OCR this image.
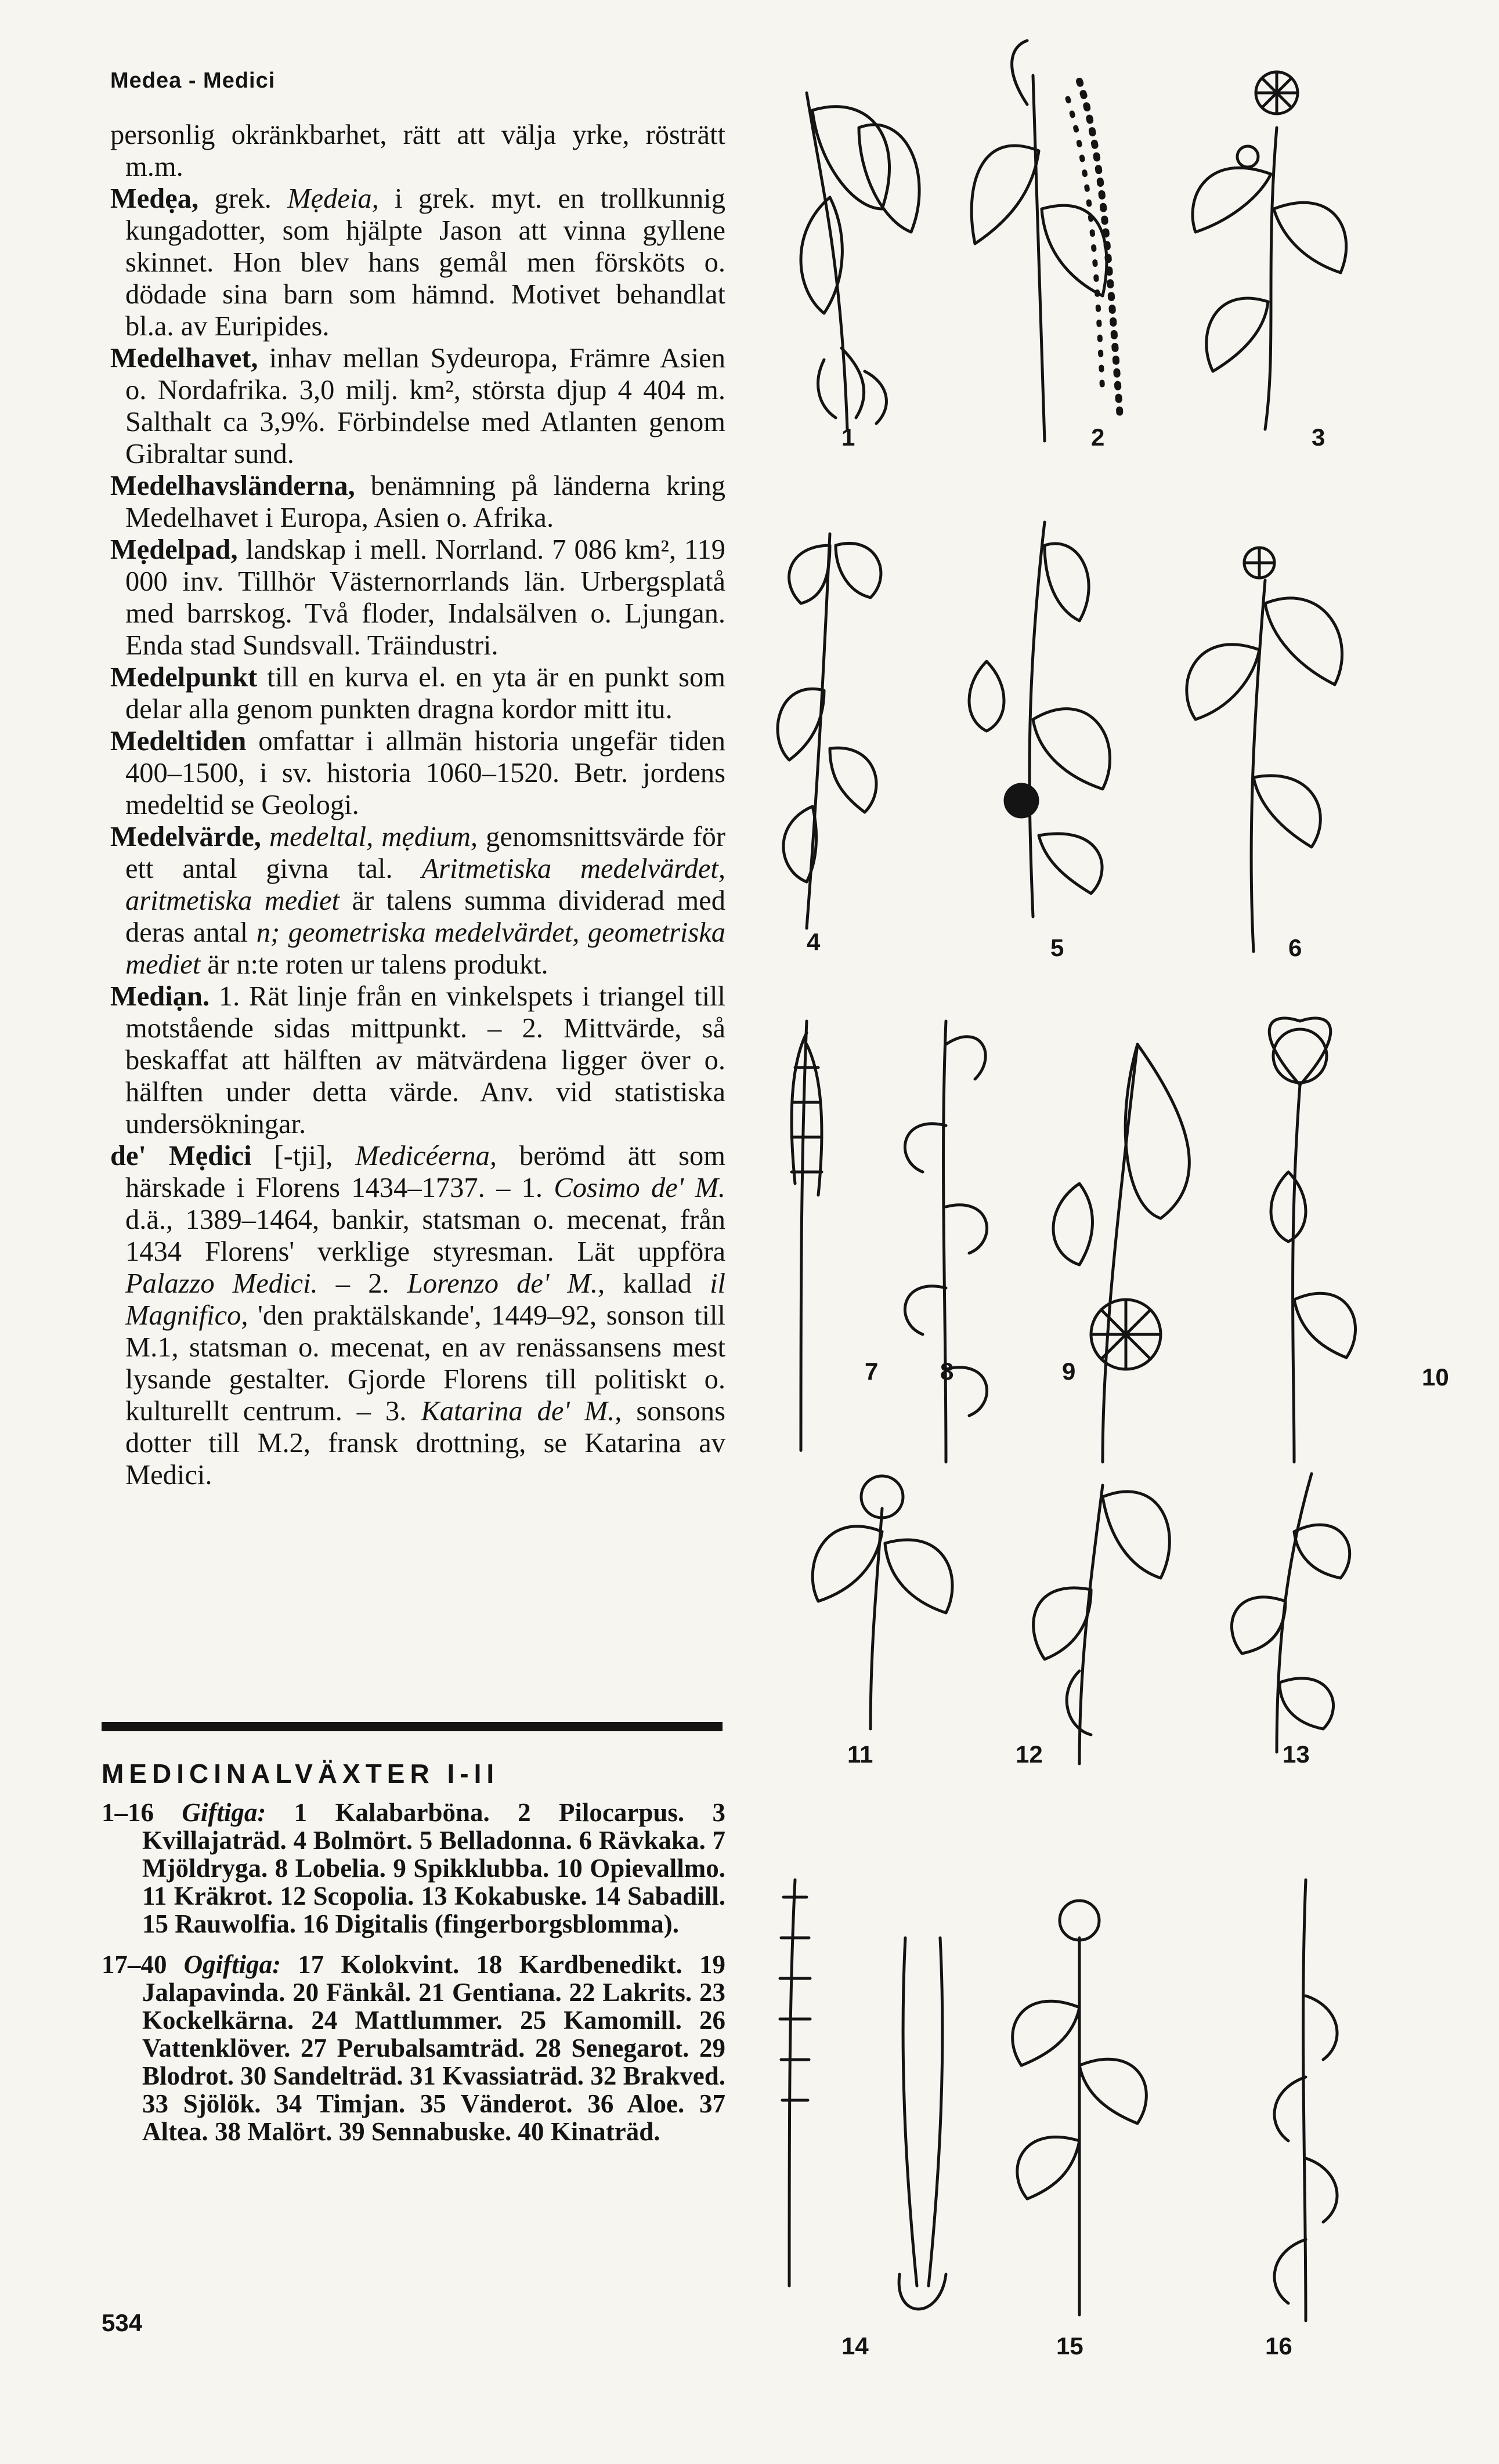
Medea - Medici

personlig okränkbarhet, rätt att välja yrke, rösträtt m.m.

Medẹa, grek. Mẹdeia, i grek. myt. en trollkunnig kungadotter, som hjälpte Jason att vinna gyllene skinnet. Hon blev hans gemål men försköts o. dödade sina barn som hämnd. Motivet behandlat bl.a. av Euripides.

Medelhavet, inhav mellan Sydeuropa, Främre Asien o. Nordafrika. 3,0 milj. km², största djup 4 404 m. Salthalt ca 3,9%. Förbindelse med Atlanten genom Gibraltar sund.

Medelhavsländerna, benämning på länderna kring Medelhavet i Europa, Asien o. Afrika.

Mẹdelpad, landskap i mell. Norrland. 7 086 km², 119 000 inv. Tillhör Västernorrlands län. Urbergsplatå med barrskog. Två floder, Indalsälven o. Ljungan. Enda stad Sundsvall. Träindustri.

Medelpunkt till en kurva el. en yta är en punkt som delar alla genom punkten dragna kordor mitt itu.

Medeltiden omfattar i allmän historia ungefär tiden 400–1500, i sv. historia 1060–1520. Betr. jordens medeltid se Geologi.

Medelvärde, medeltal, mẹdium, genomsnittsvärde för ett antal givna tal. Aritmetiska medelvärdet, aritmetiska mediet är talens summa dividerad med deras antal n; geometriska medelvärdet, geometriska mediet är n:te roten ur talens produkt.

Mediạn. 1. Rät linje från en vinkelspets i triangel till motstående sidas mittpunkt. – 2. Mittvärde, så beskaffat att hälften av mätvärdena ligger över o. hälften under detta värde. Anv. vid statistiska undersökningar.

de' Mẹdici [-tji], Medicéerna, berömd ätt som härskade i Florens 1434–1737. – 1. Cosimo de' M. d.ä., 1389–1464, bankir, statsman o. mecenat, från 1434 Florens' verklige styresman. Lät uppföra Palazzo Medici. – 2. Lorenzo de' M., kallad il Magnifico, 'den praktälskande', 1449–92, sonson till M.1, statsman o. mecenat, en av renässansens mest lysande gestalter. Gjorde Florens till politiskt o. kulturellt centrum. – 3. Katarina de' M., sonsons dotter till M.2, fransk drottning, se Katarina av Medici.

MEDICINALVÄXTER I-II

1–16 Giftiga: 1 Kalabarböna. 2 Pilocarpus. 3 Kvillajaträd. 4 Bolmört. 5 Belladonna. 6 Rävkaka. 7 Mjöldryga. 8 Lobelia. 9 Spikklubba. 10 Opievallmo. 11 Kräkrot. 12 Scopolia. 13 Kokabuske. 14 Sabadill. 15 Rauwolfia. 16 Digitalis (fingerborgsblomma).

17–40 Ogiftiga: 17 Kolokvint. 18 Kardbenedikt. 19 Jalapavinda. 20 Fänkål. 21 Gentiana. 22 Lakrits. 23 Kockelkärna. 24 Mattlummer. 25 Kamomill. 26 Vattenklöver. 27 Perubalsamträd. 28 Senegarot. 29 Blodrot. 30 Sandelträd. 31 Kvassiaträd. 32 Brakved. 33 Sjölök. 34 Timjan. 35 Vänderot. 36 Aloe. 37 Altea. 38 Malört. 39 Sennabuske. 40 Kinaträd.

534
1	2	3
4	5	6
7	8	9	10
11	12	13
14	15	16
